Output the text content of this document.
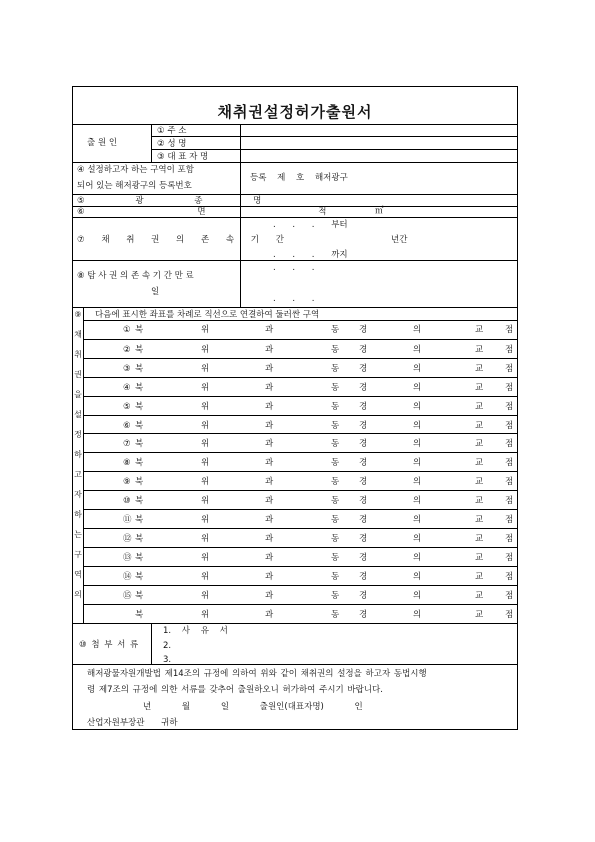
채취권설정허가출원서
출 원 인
① 주 소
② 성 명
③ 대 표 자 명
④ 설정하고자 하는 구역이 포함
되어 있는 해저광구의 등록번호
등록 제 호 해저광구
⑤ 광 종 명
⑥ 면 적	㎡
⑦ 채 취 권 의 존 속 기 간
. . . 부터
년간
. . . 까지
⑧ 탐 사 권 의 존 속 기 간 만 료
일
. . .
. . .
⑨
채
취
권
을
설
정
하
고
자
하
는
구
역
의
다음에 표시한 좌표를 차례로 직선으로 연결하여 둘러싼 구역
⑩ 첨 부 서 류
1. 사 유 서
2.
3.
해저광물자원개발법 제14조의 규정에 의하여 위와 같이 채취권의 설정을 하고자 동법시행
령 제7조의 규정에 의한 서류를 갖추어 출원하오니 허가하여 주시기 바랍니다.
년 월 일 출원인(대표자명) 인
산업자원부장관 귀하
① 북	위	과	동 경	의	교	점
② 북	위	과	동 경	의	교	점
③ 북	위	과	동 경	의	교	점
④ 북	위	과	동 경	의	교	점
⑤ 북	위	과	동 경	의	교	점
⑥ 북	위	과	동 경	의	교	점
⑦ 북	위	과	동 경	의	교	점
⑧ 북	위	과	동 경	의	교	점
⑨ 북	위	과	동 경	의	교	점
⑩ 북	위	과	동 경	의	교	점
⑪ 북	위	과	동 경	의	교	점
⑫ 북	위	과	동 경	의	교	점
⑬ 북	위	과	동 경	의	교	점
⑭ 북	위	과	동 경	의	교	점
⑮ 북	위	과	동 경	의	교	점
북	위	과	동 경	의	교	점
